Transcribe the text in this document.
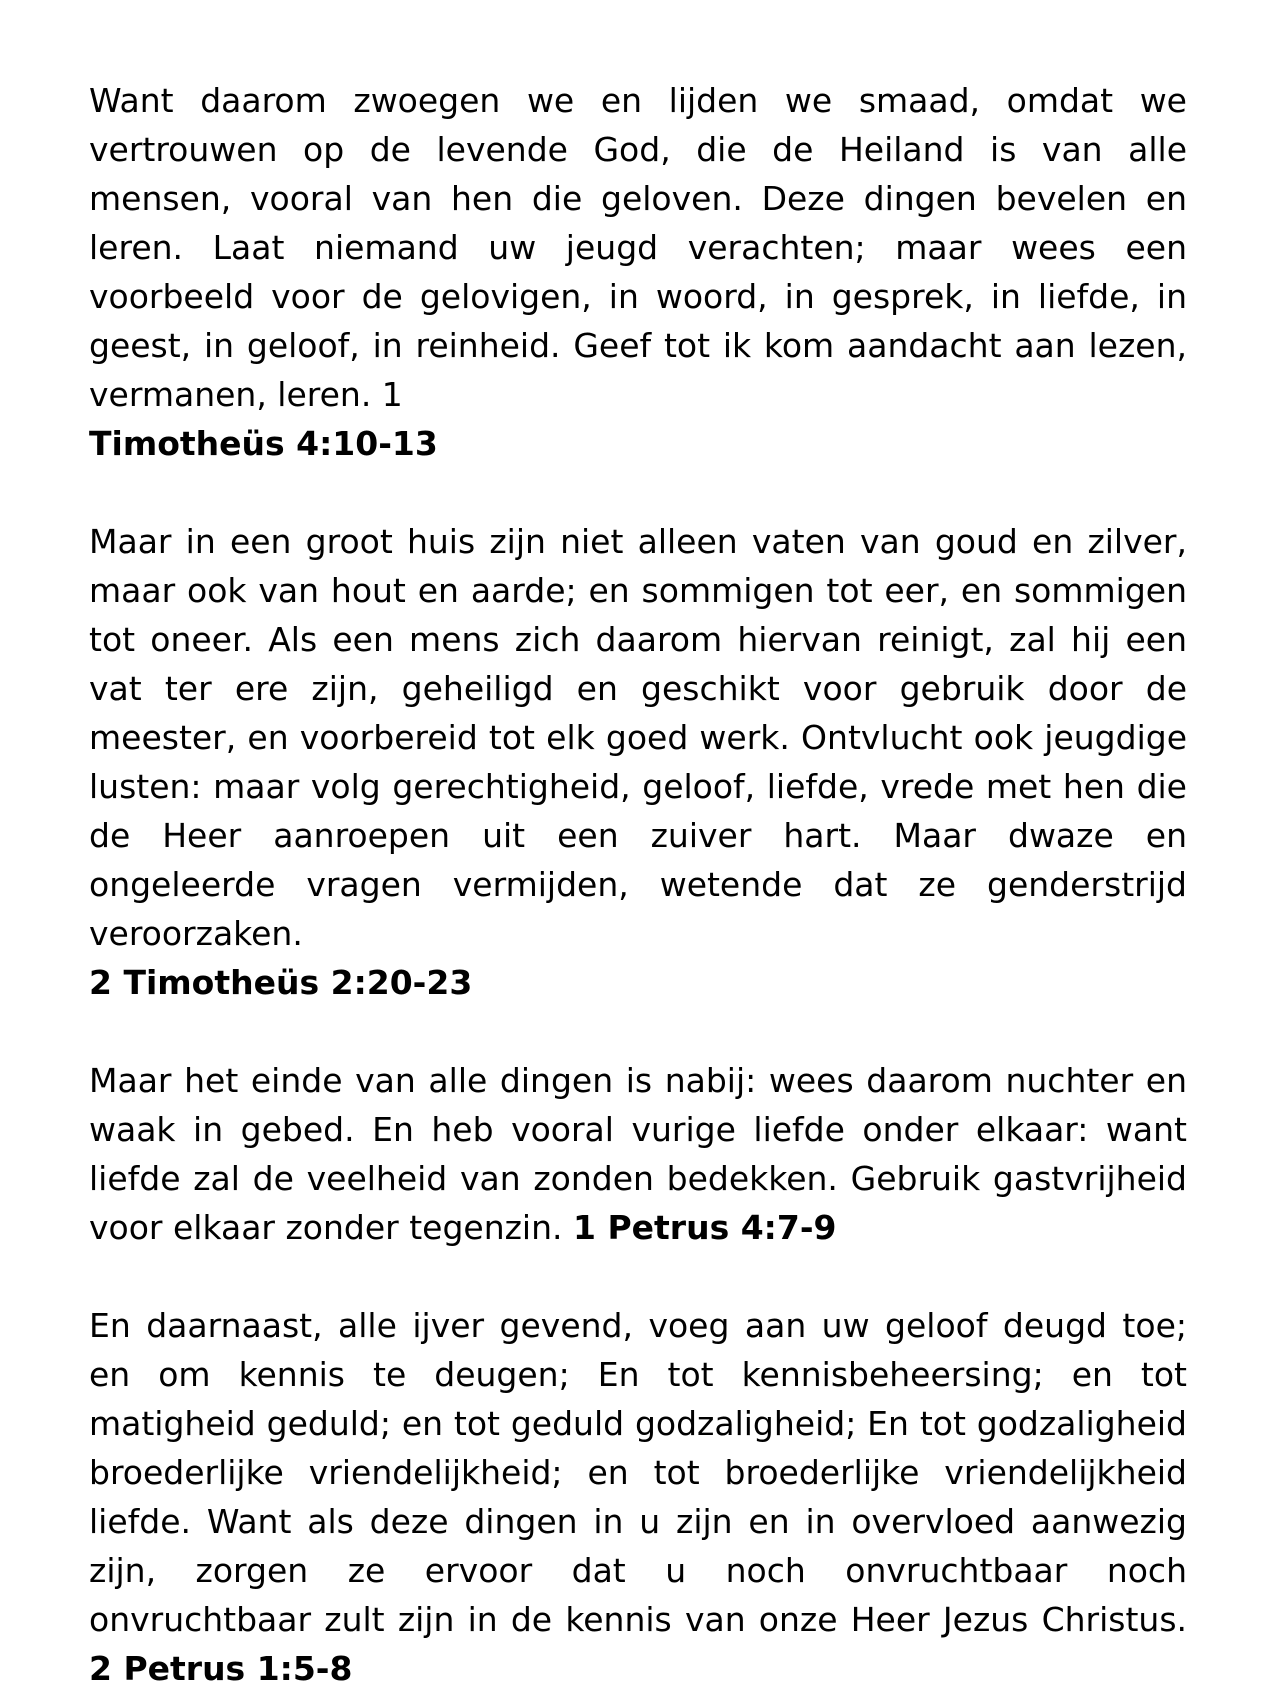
Want daarom zwoegen we en lijden we smaad, omdat we vertrouwen op de levende God, die de Heiland is van alle mensen, vooral van hen die geloven. Deze dingen bevelen en leren. Laat niemand uw jeugd verachten; maar wees een voorbeeld voor de gelovigen, in woord, in gesprek, in liefde, in geest, in geloof, in reinheid. Geef tot ik kom aandacht aan lezen, vermanen, leren. 1
Timotheüs 4:10-13

Maar in een groot huis zijn niet alleen vaten van goud en zilver, maar ook van hout en aarde; en sommigen tot eer, en sommigen tot oneer. Als een mens zich daarom hiervan reinigt, zal hij een vat ter ere zijn, geheiligd en geschikt voor gebruik door de meester, en voorbereid tot elk goed werk. Ontvlucht ook jeugdige lusten: maar volg gerechtigheid, geloof, liefde, vrede met hen die de Heer aanroepen uit een zuiver hart. Maar dwaze en ongeleerde vragen vermijden, wetende dat ze genderstrijd veroorzaken.
2 Timotheüs 2:20-23

Maar het einde van alle dingen is nabij: wees daarom nuchter en waak in gebed. En heb vooral vurige liefde onder elkaar: want liefde zal de veelheid van zonden bedekken. Gebruik gastvrijheid voor elkaar zonder tegenzin. 1 Petrus 4:7-9

En daarnaast, alle ijver gevend, voeg aan uw geloof deugd toe; en om kennis te deugen; En tot kennisbeheersing; en tot matigheid geduld; en tot geduld godzaligheid; En tot godzaligheid broederlijke vriendelijkheid; en tot broederlijke vriendelijkheid liefde. Want als deze dingen in u zijn en in overvloed aanwezig zijn, zorgen ze ervoor dat u noch onvruchtbaar noch onvruchtbaar zult zijn in de kennis van onze Heer Jezus Christus. 2 Petrus 1:5-8
